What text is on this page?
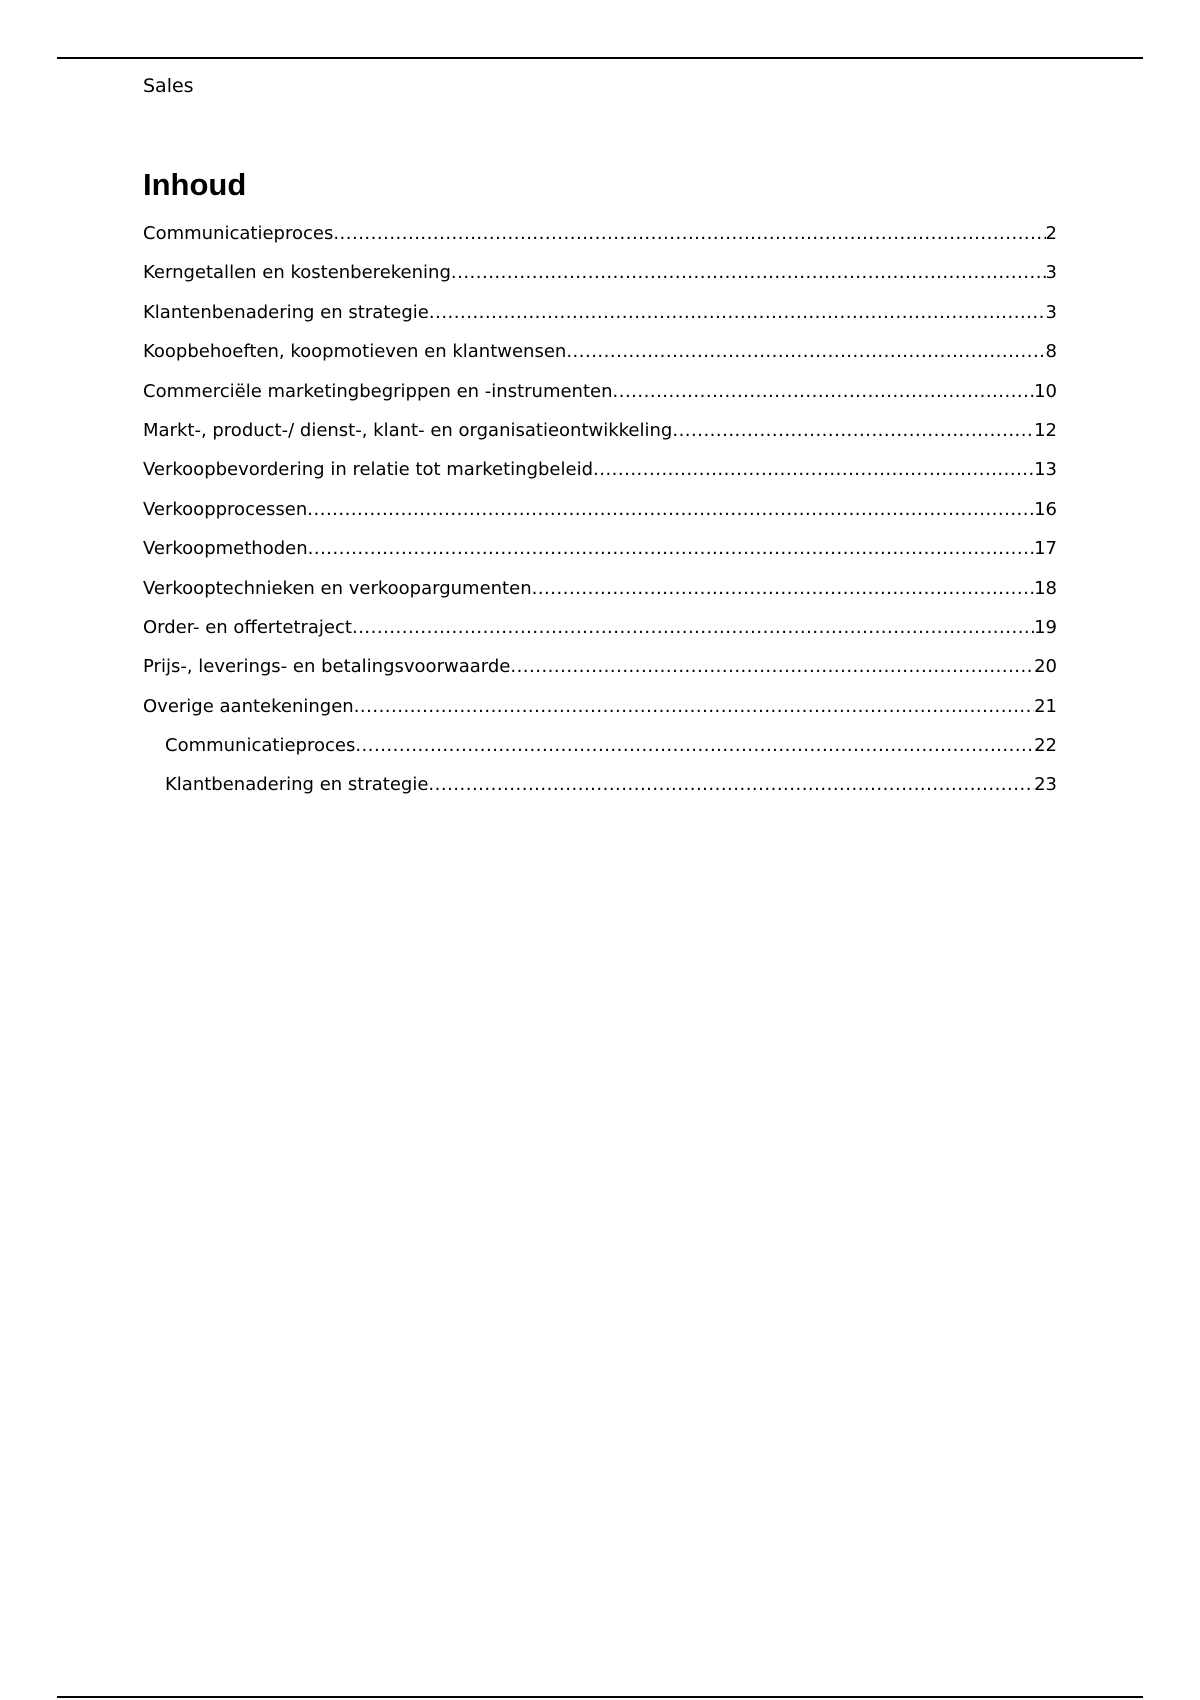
Sales
Inhoud
Communicatieproces .....	2
Kerngetallen en kostenberekening .....	3
Klantenbenadering en strategie .....	3
Koopbehoeften, koopmotieven en klantwensen .....	8
Commerciële marketingbegrippen en -instrumenten .....	10
Markt-, product-/ dienst-, klant- en organisatieontwikkeling .....	12
Verkoopbevordering in relatie tot marketingbeleid .....	13
Verkoopprocessen .....	16
Verkoopmethoden .....	17
Verkooptechnieken en verkoopargumenten .....	18
Order- en offertetraject .....	19
Prijs-, leverings- en betalingsvoorwaarde .....	20
Overige aantekeningen .....	21
Communicatieproces .....	22
Klantbenadering en strategie .....	23
